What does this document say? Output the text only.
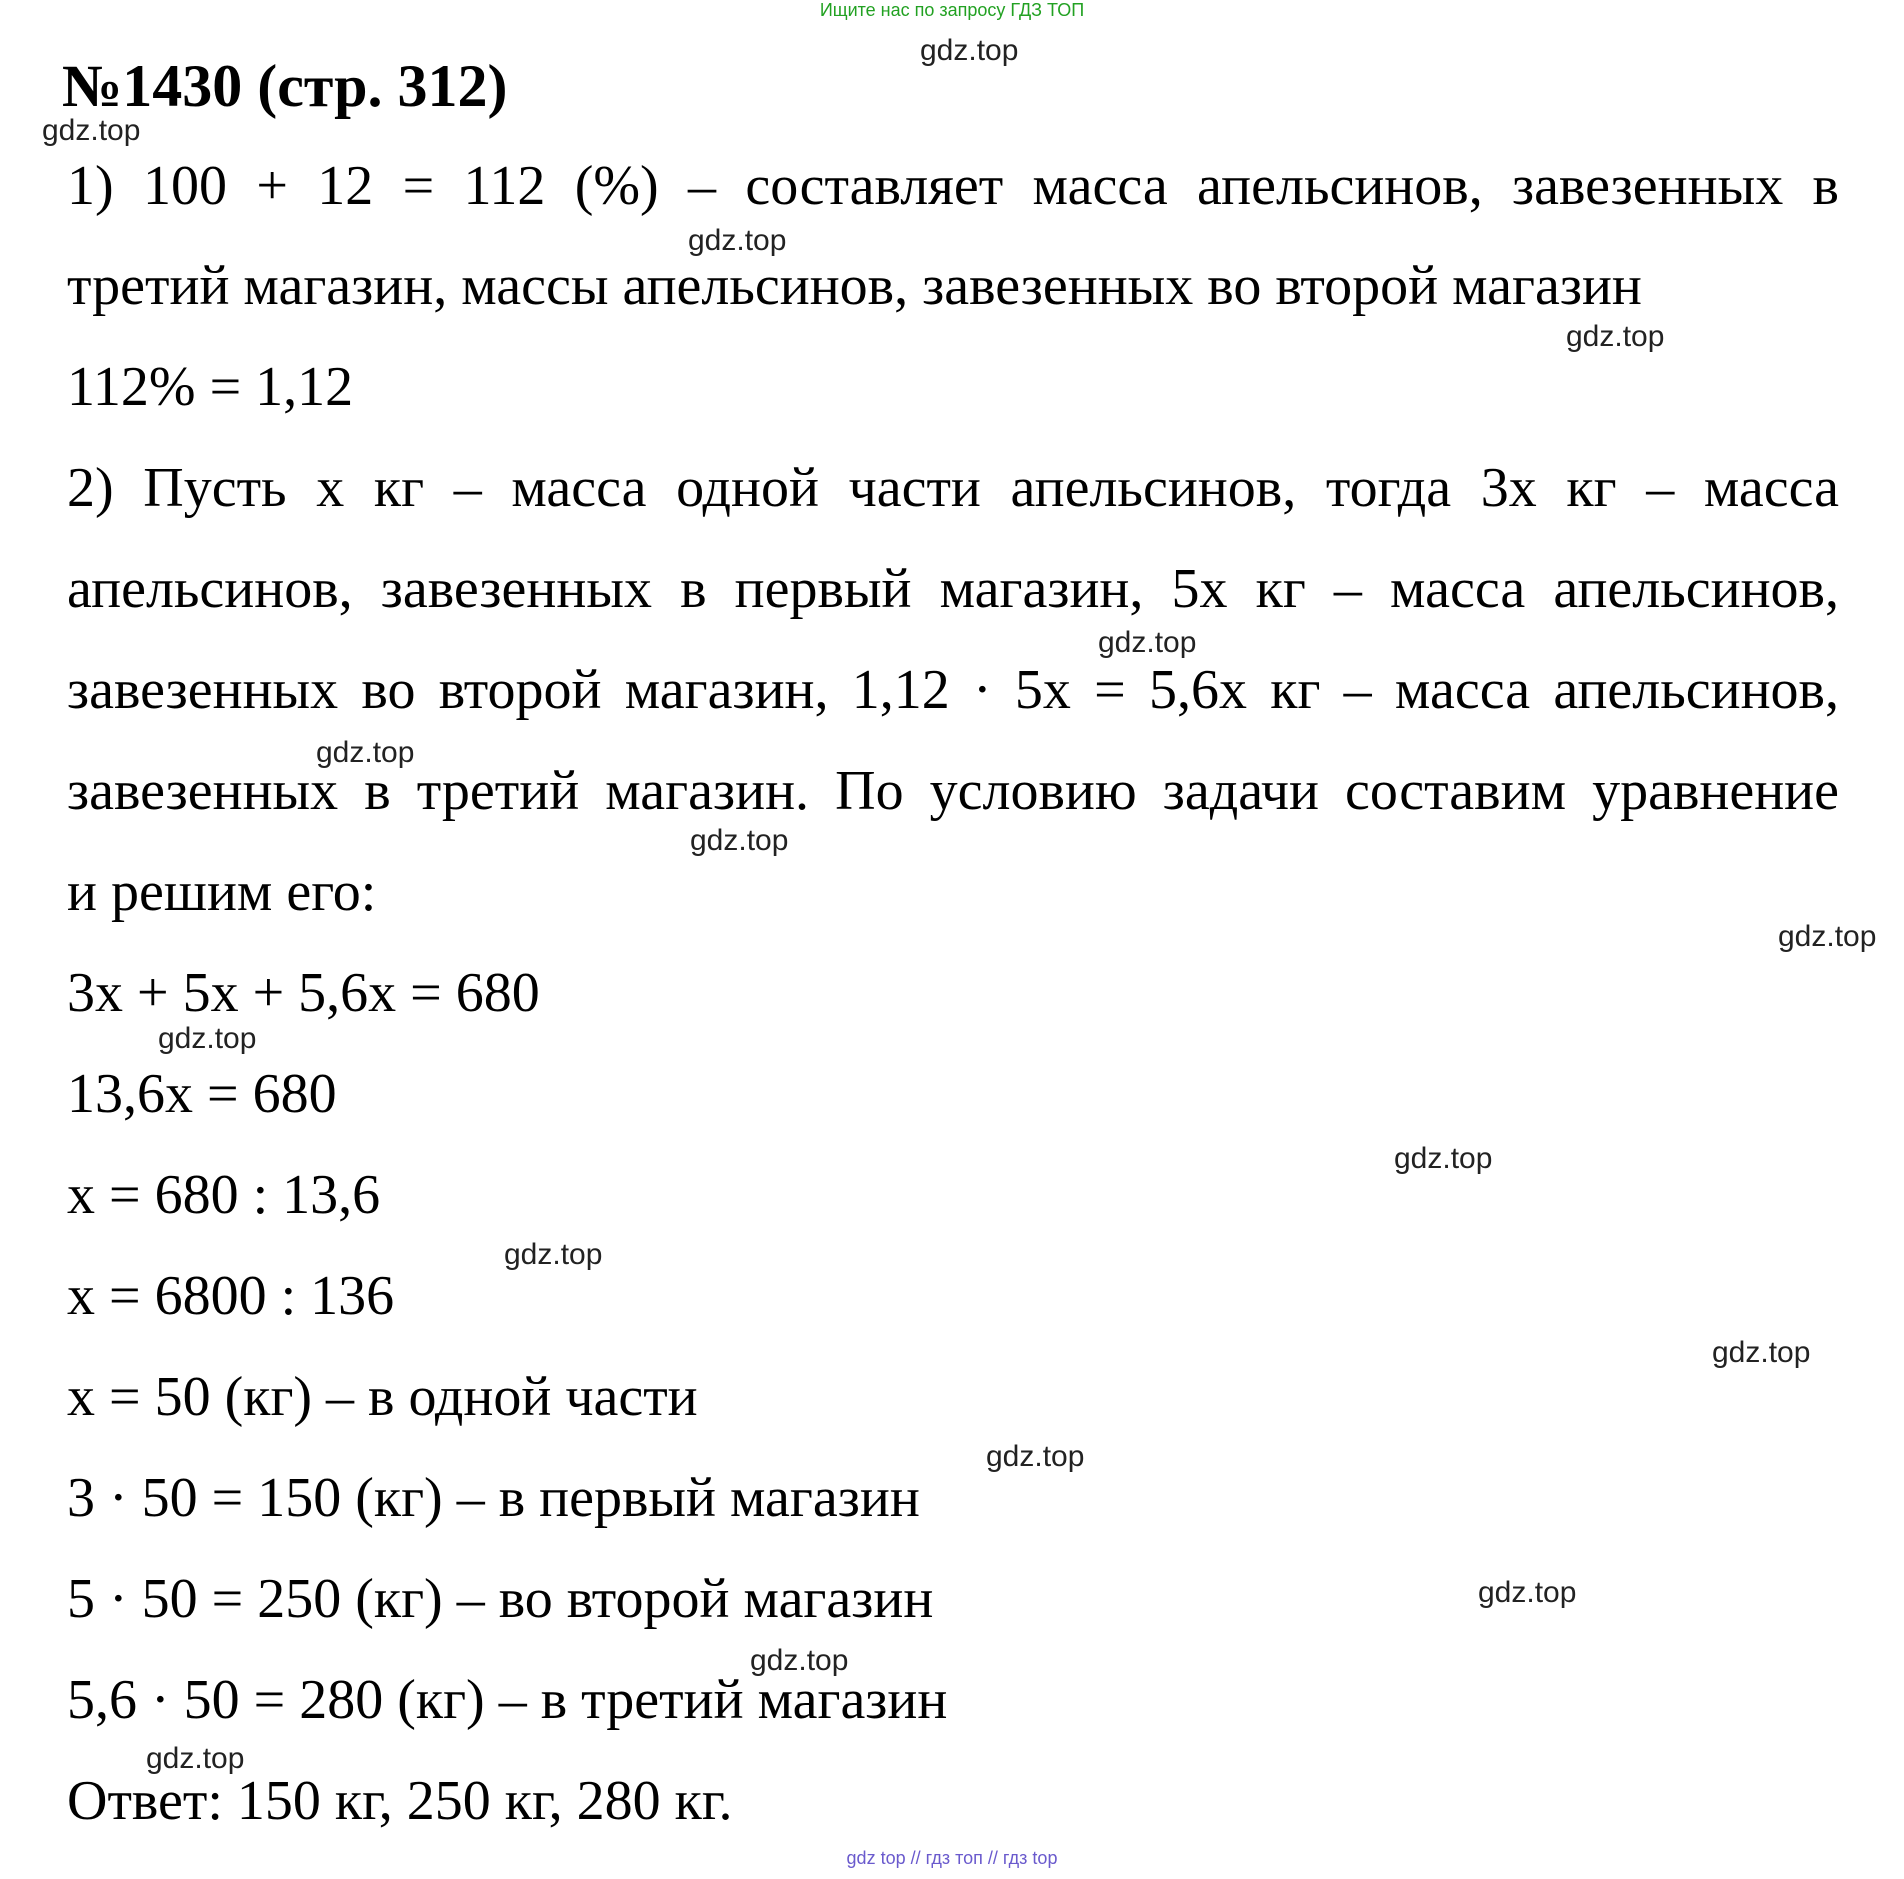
Ищите нас по запросу ГДЗ ТОП
gdz.top
№1430 (стр. 312)
gdz.top
1) 100 + 12 = 112 (%) – составляет масса апельсинов, завезенных в
gdz.top
третий магазин, массы апельсинов, завезенных во второй магазин
gdz.top
112% = 1,12
2) Пусть x кг – масса одной части апельсинов, тогда 3x кг – масса
апельсинов, завезенных в первый магазин, 5x кг – масса апельсинов,
gdz.top
завезенных во второй магазин, 1,12 · 5x = 5,6x кг – масса апельсинов,
gdz.top
завезенных в третий магазин. По условию задачи составим уравнение
gdz.top
и решим его:
gdz.top
3x + 5x + 5,6x = 680
gdz.top
13,6x = 680
gdz.top
x = 680 : 13,6
gdz.top
x = 6800 : 136
gdz.top
x = 50 (кг) – в одной части
gdz.top
3 · 50 = 150 (кг) – в первый магазин
gdz.top
5 · 50 = 250 (кг) – во второй магазин
gdz.top
5,6 · 50 = 280 (кг) – в третий магазин
gdz.top
Ответ: 150 кг, 250 кг, 280 кг.
gdz top // гдз топ // гдз top
